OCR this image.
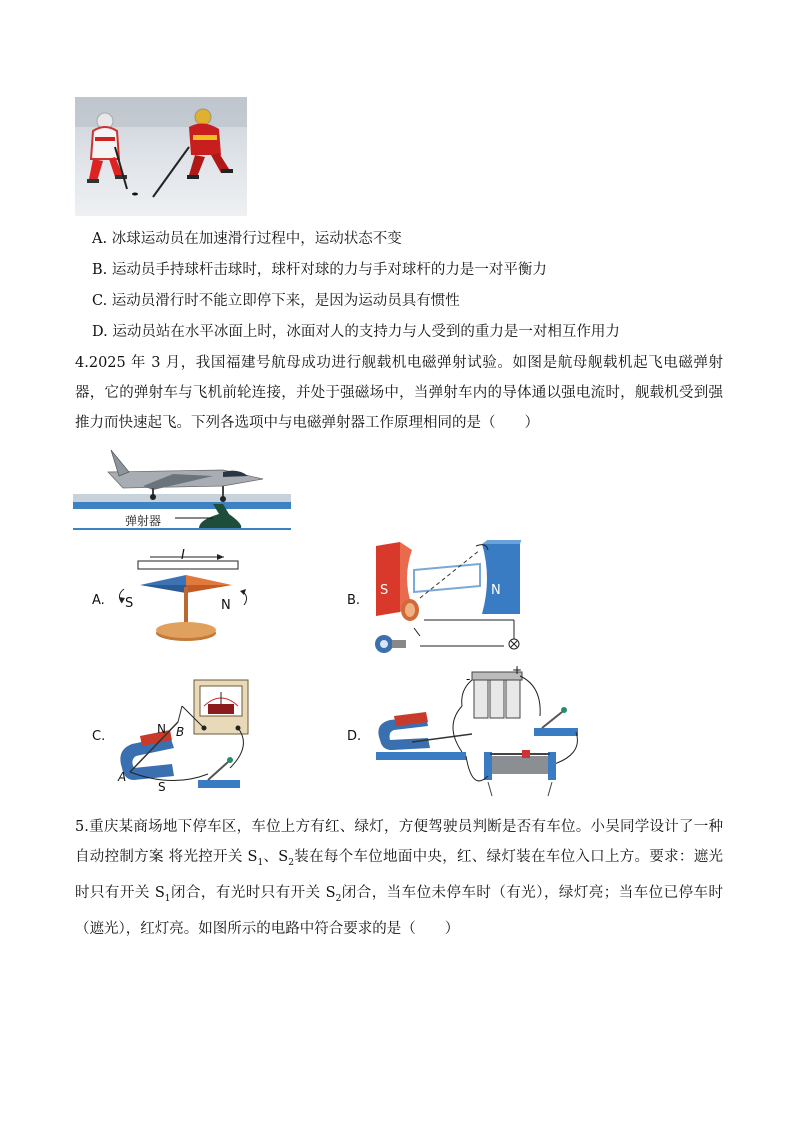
A. 冰球运动员在加速滑行过程中，运动状态不变
B. 运动员手持球杆击球时，球杆对球的力与手对球杆的力是一对平衡力
C. 运动员滑行时不能立即停下来，是因为运动员具有惯性
D. 运动员站在水平冰面上时，冰面对人的支持力与人受到的重力是一对相互作用力
4.2025 年 3 月，我国福建号航母成功进行舰载机电磁弹射试验。如图是航母舰载机起飞电磁弹射器，它的弹射车与飞机前轮连接，并处于强磁场中，当弹射车内的导体通以强电流时，舰载机受到强推力而快速起飞。下列各选项中与电磁弹射器工作原理相同的是（　　）
弹射器
A.
I
S	N	B.
S	N
C.	N
A
B
S
D.
-
+
5.重庆某商场地下停车区，车位上方有红、绿灯，方便驾驶员判断是否有车位。小吴同学设计了一种自动控制方案 将光控开关 $S_1$、$S_2$装在每个车位地面中央，红、绿灯装在车位入口上方。要求：遮光时只有开关 $S_1$闭合，有光时只有开关 $S_2$闭合，当车位未停车时（有光），绿灯亮；当车位已停车时（遮光），红灯亮。如图所示的电路中符合要求的是（　　）
